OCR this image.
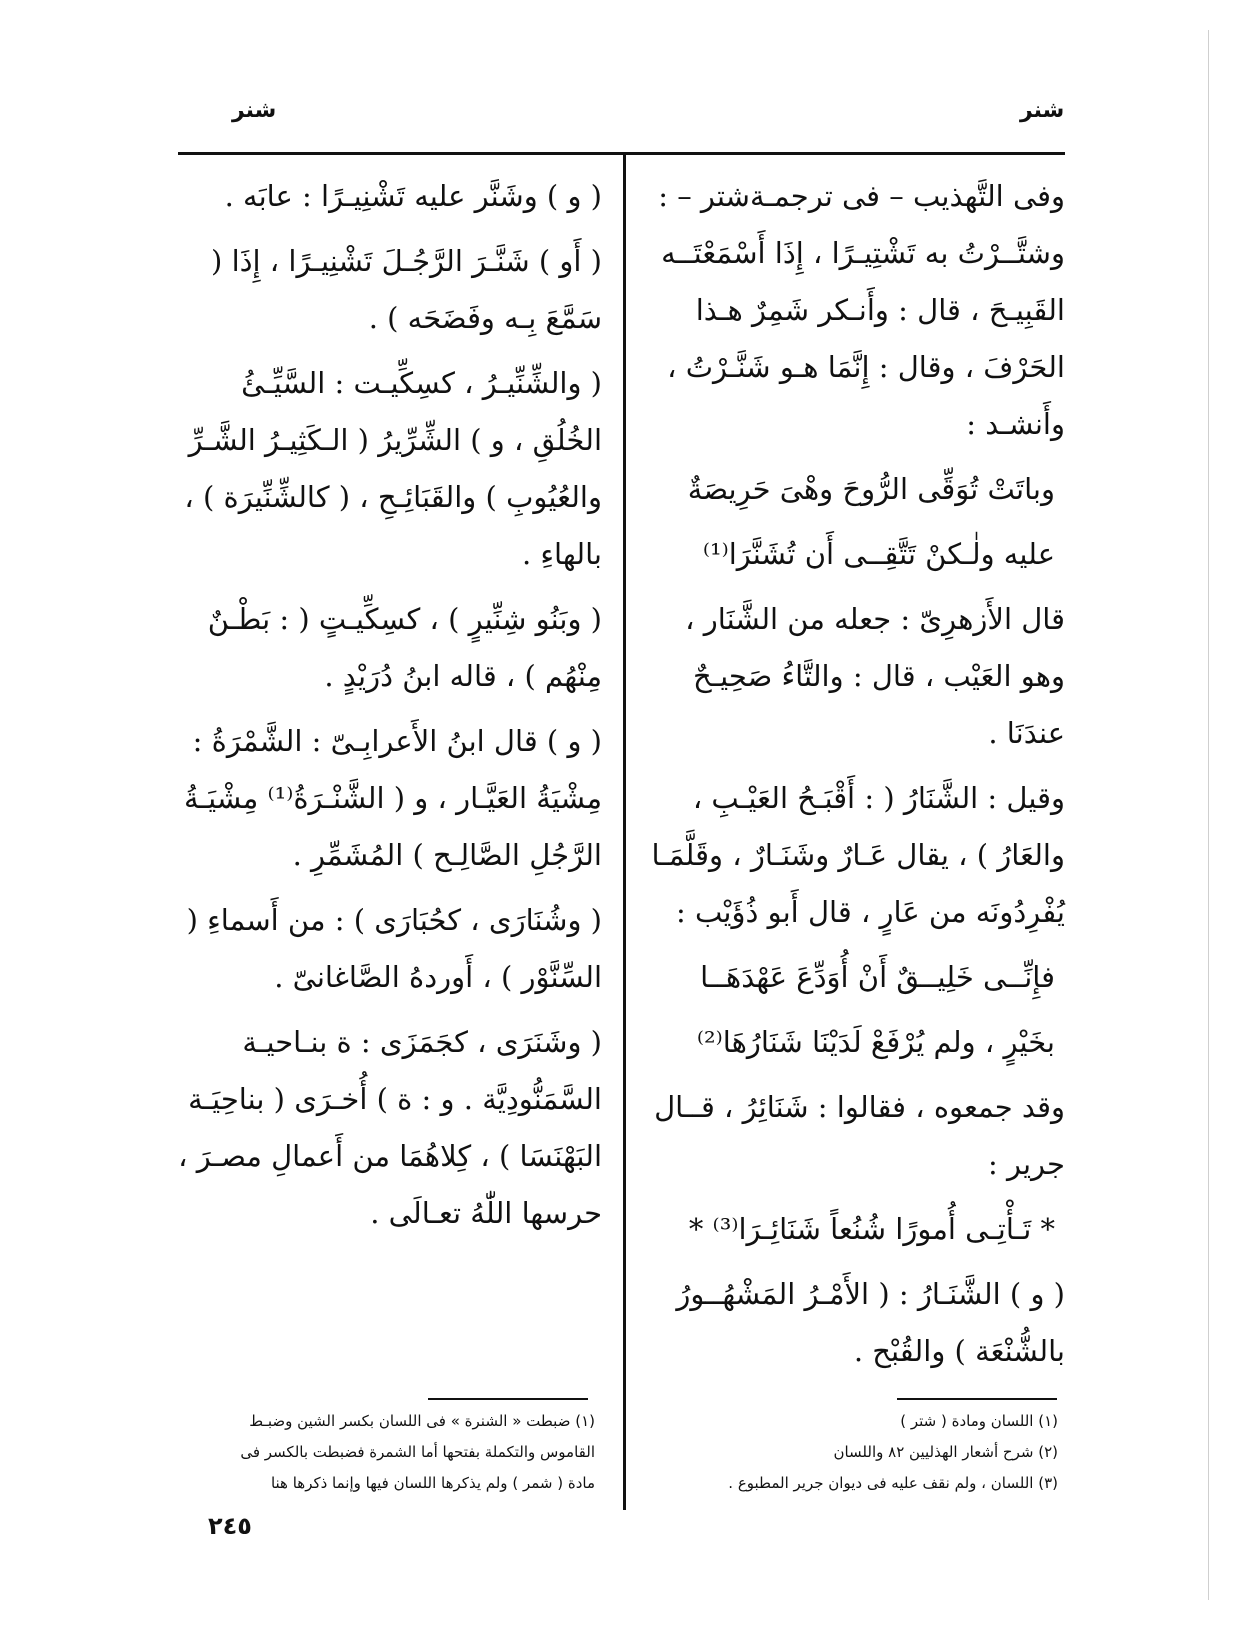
شنر	شنر

وفى التَّهذيب – فى ترجمـةشتر – : وشتَّــرْتُ به تَشْتِيـرًا ، إِذَا أَسْمَعْتَــه القَبِيـحَ ، قال : وأَنـكر شَمِرٌ هـذا الحَرْفَ ، وقال : إِنَّمَا هـو شَنَّـرْتُ ، وأَنشـد :

وباتَتْ تُوَقِّى الرُّوحَ وهْىَ حَرِيصَةٌ

عليه ولٰـكنْ تَتَّقِــى أَن تُشَنَّرَا⁽¹⁾

قال الأَزهرِىّ : جعله من الشَّنَار ، وهو العَيْب ، قال : والتَّاءُ صَحِيـحٌ عندَنَا .

وقيل : الشَّنَارُ ( : أَقْبَـحُ العَيْـبِ ، والعَارُ ) ، يقال عَـارٌ وشَنَـارٌ ، وقَلَّمَـا يُفْرِدُونَه من عَارٍ ، قال أَبو ذُؤَيْب :

فإِنِّــى خَلِيــقٌ أَنْ أُوَدِّعَ عَهْدَهَــا

بخَيْرٍ ، ولم يُرْفَعْ لَدَيْنَا شَنَارُهَا⁽²⁾

وقد جمعوه ، فقالوا : شَنَائِرُ ، قــال جرير :

* تَـأْتِـى أُمورًا شُنُعاً شَنَائِـرَا⁽³⁾ *

( و ) الشَّنَـارُ : ( الأَمْـرُ المَشْهُــورُ بالشُّنْعَة ) والقُبْح .

( و ) وشَنَّر عليه تَشْنِيـرًا : عابَه .

( أَو ) شَنَّـرَ الرَّجُـلَ تَشْنِيـرًا ، إِذَا ( سَمَّعَ بِـه وفَضَحَه ) .

( والشِّنِّيـرُ ، كسِكِّيـت : السَّيِّـئُ الخُلُقِ ، و ) الشِّرِّيرُ ( الـكَثِيـرُ الشَّـرِّ والعُيُوبِ ) والقَبَائِـحِ ، ( كالشِّنِّيرَة ) ، بالهاءِ .

( وبَنُو شِنِّيرٍ ) ، كسِكِّيـتٍ ( : بَطْـنٌ مِنْهُم ) ، قاله ابنُ دُرَيْدٍ .

( و ) قال ابنُ الأَعرابِـىّ : الشَّمْرَةُ : مِشْيَةُ العَيَّـار ، و ( الشَّنْـرَةُ⁽¹⁾ مِشْيَـةُ الرَّجُلِ الصَّالِـح ) المُشَمِّرِ .

( وشُنَارَى ، كحُبَارَى ) : من أَسماءِ ( السِّنَّوْر ) ، أَوردهُ الصَّاغانىّ .

( وشَنَرَى ، كجَمَزَى : ة بنـاحيـة السَّمَنُّودِيَّة . و : ة ) أُخـرَى ( بناحِيَـة البَهْنَسَا ) ، كِلاهُمَا من أَعمالِ مصـرَ ، حرسها اللّٰهُ تعـالَى .

(١) اللسان ومادة ( شتر )
(٢) شرح أشعار الهذليين ٨٢ واللسان
(٣) اللسان ، ولم نقف عليه فى ديوان جرير المطبوع .
(١) ضبطت « الشنرة » فى اللسان بكسر الشين وضبـط
القاموس والتكملة بفتحها أما الشمرة فضبطت بالكسر فى
مادة ( شمر ) ولم يذكرها اللسان فيها وإنما ذكرها هنا
٢٤٥
